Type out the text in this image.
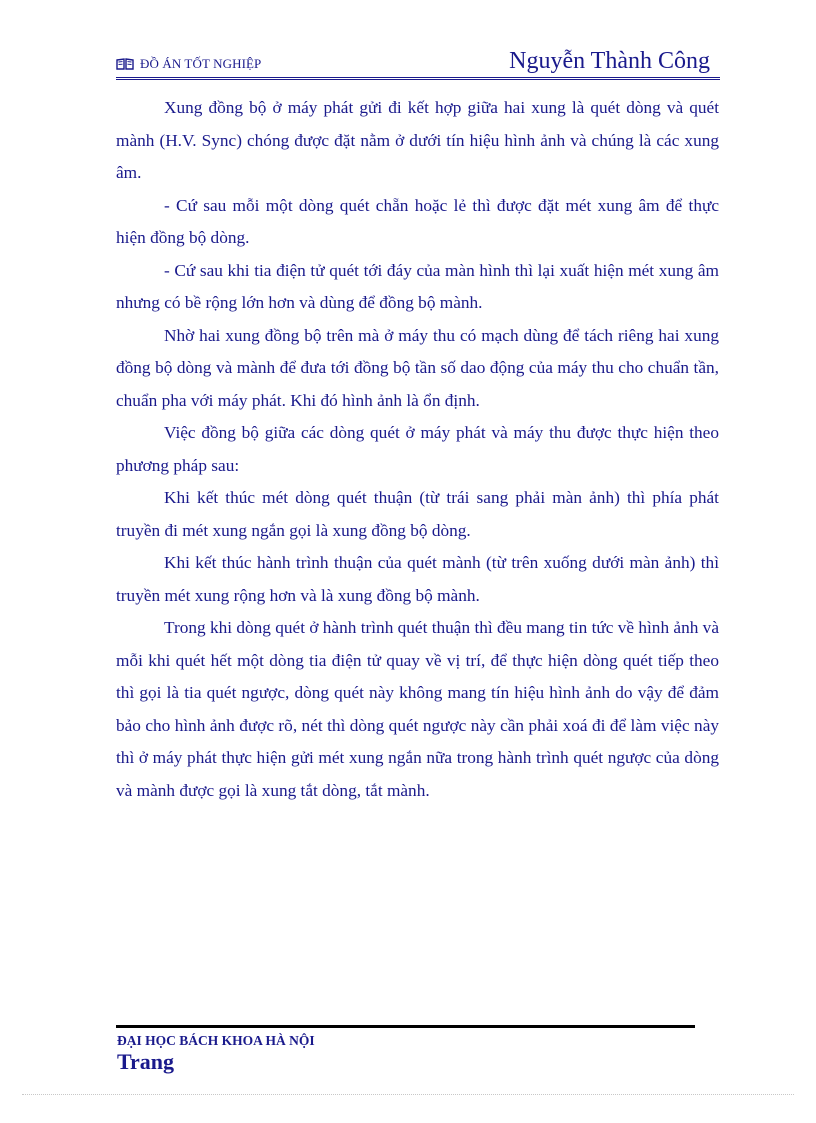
ĐỒ ÁN TỐT NGHIỆP	Nguyễn Thành Công

Xung đồng bộ ở máy phát gửi đi kết hợp giữa hai xung là quét dòng và quét mành (H.V. Sync) chóng được đặt nằm ở dưới tín hiệu hình ảnh và chúng là các xung âm.

- Cứ sau mỗi một dòng quét chẵn hoặc lẻ thì được đặt mét xung âm để thực hiện đồng bộ dòng.

- Cứ sau khi tia điện tử quét tới đáy của màn hình thì lại xuất hiện mét xung âm nhưng có bề rộng lớn hơn và dùng để đồng bộ mành.

Nhờ hai xung đồng bộ trên mà ở máy thu có mạch dùng để tách riêng hai xung đồng bộ dòng và mành để đưa tới đồng bộ tần số dao động của máy thu cho chuẩn tần, chuẩn pha với máy phát. Khi đó hình ảnh là ổn định.

Việc đồng bộ giữa các dòng quét ở máy phát và máy thu được thực hiện theo phương pháp sau:

Khi kết thúc mét dòng quét thuận (từ trái sang phải màn ảnh) thì phía phát truyền đi mét xung ngắn gọi là xung đồng bộ dòng.

Khi kết thúc hành trình thuận của quét mành (từ trên xuống dưới màn ảnh) thì truyền mét xung rộng hơn và là xung đồng bộ mành.

Trong khi dòng quét ở hành trình quét thuận thì đều mang tin tức về hình ảnh và mỗi khi quét hết một dòng tia điện tử quay về vị trí, để thực hiện dòng quét tiếp theo thì gọi là tia quét ngược, dòng quét này không mang tín hiệu hình ảnh do vậy để đảm bảo cho hình ảnh được rõ, nét thì dòng quét ngược này cần phải xoá đi để làm việc này thì ở máy phát thực hiện gửi mét xung ngắn nữa trong hành trình quét ngược của dòng và mành được gọi là xung tắt dòng, tắt mành.

ĐẠI HỌC BÁCH KHOA HÀ NỘI
Trang
